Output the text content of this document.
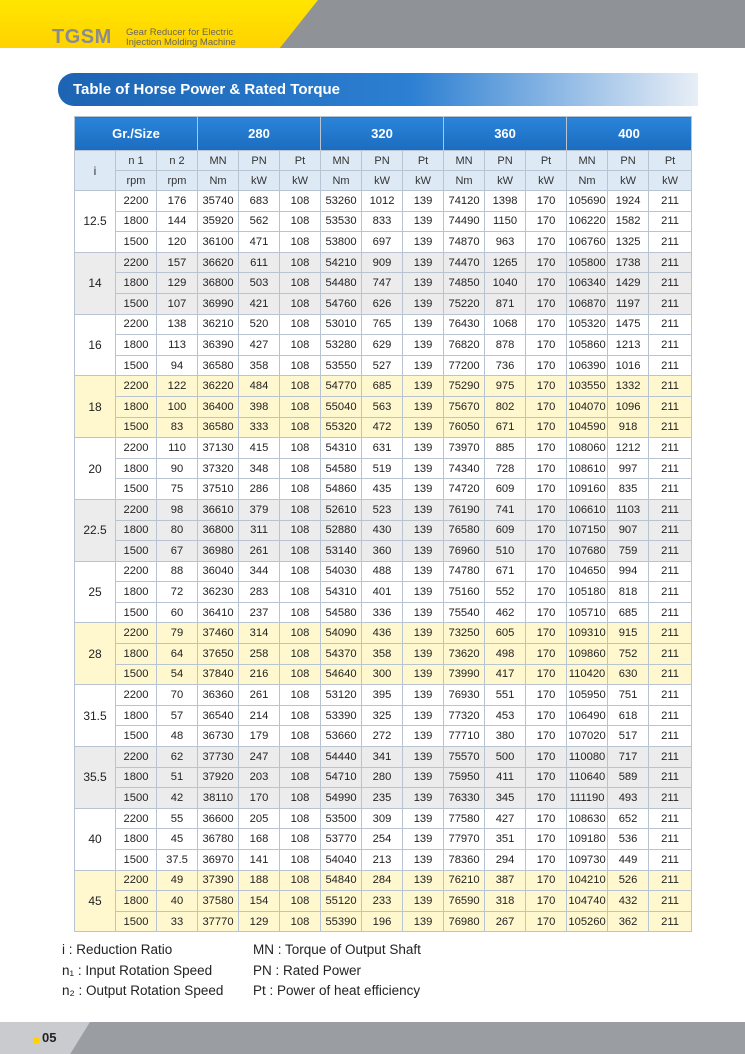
TGSM Gear Reducer for Electric
Injection Molding Machine
Table of Horse Power & Rated Torque
Gr./Size			280			320			360			400		
i	n 1	n 2	MN	PN	Pt	MN	PN	Pt	MN	PN	Pt	MN	PN	Pt
	rpm	rpm	Nm	kW	kW	Nm	kW	kW	Nm	kW	kW	Nm	kW	kW
12.5	2200	176	35740	683	108	53260	1012	139	74120	1398	170	105690	1924	211
	1800	144	35920	562	108	53530	833	139	74490	1150	170	106220	1582	211
	1500	120	36100	471	108	53800	697	139	74870	963	170	106760	1325	211
14	2200	157	36620	611	108	54210	909	139	74470	1265	170	105800	1738	211
	1800	129	36800	503	108	54480	747	139	74850	1040	170	106340	1429	211
	1500	107	36990	421	108	54760	626	139	75220	871	170	106870	1197	211
16	2200	138	36210	520	108	53010	765	139	76430	1068	170	105320	1475	211
	1800	113	36390	427	108	53280	629	139	76820	878	170	105860	1213	211
	1500	94	36580	358	108	53550	527	139	77200	736	170	106390	1016	211
18	2200	122	36220	484	108	54770	685	139	75290	975	170	103550	1332	211
	1800	100	36400	398	108	55040	563	139	75670	802	170	104070	1096	211
	1500	83	36580	333	108	55320	472	139	76050	671	170	104590	918	211
20	2200	110	37130	415	108	54310	631	139	73970	885	170	108060	1212	211
	1800	90	37320	348	108	54580	519	139	74340	728	170	108610	997	211
	1500	75	37510	286	108	54860	435	139	74720	609	170	109160	835	211
22.5	2200	98	36610	379	108	52610	523	139	76190	741	170	106610	1103	211
	1800	80	36800	311	108	52880	430	139	76580	609	170	107150	907	211
	1500	67	36980	261	108	53140	360	139	76960	510	170	107680	759	211
25	2200	88	36040	344	108	54030	488	139	74780	671	170	104650	994	211
	1800	72	36230	283	108	54310	401	139	75160	552	170	105180	818	211
	1500	60	36410	237	108	54580	336	139	75540	462	170	105710	685	211
28	2200	79	37460	314	108	54090	436	139	73250	605	170	109310	915	211
	1800	64	37650	258	108	54370	358	139	73620	498	170	109860	752	211
	1500	54	37840	216	108	54640	300	139	73990	417	170	110420	630	211
31.5	2200	70	36360	261	108	53120	395	139	76930	551	170	105950	751	211
	1800	57	36540	214	108	53390	325	139	77320	453	170	106490	618	211
	1500	48	36730	179	108	53660	272	139	77710	380	170	107020	517	211
35.5	2200	62	37730	247	108	54440	341	139	75570	500	170	110080	717	211
	1800	51	37920	203	108	54710	280	139	75950	411	170	110640	589	211
	1500	42	38110	170	108	54990	235	139	76330	345	170	111190	493	211
40	2200	55	36600	205	108	53500	309	139	77580	427	170	108630	652	211
	1800	45	36780	168	108	53770	254	139	77970	351	170	109180	536	211
	1500	37.5	36970	141	108	54040	213	139	78360	294	170	109730	449	211
45	2200	49	37390	188	108	54840	284	139	76210	387	170	104210	526	211
	1800	40	37580	154	108	55120	233	139	76590	318	170	104740	432	211
	1500	33	37770	129	108	55390	196	139	76980	267	170	105260	362	211
i : Reduction Ratio
n₁ : Input Rotation Speed
n₂ : Output Rotation Speed
MN : Torque of Output Shaft
PN : Rated Power
Pt : Power of heat efficiency
05
